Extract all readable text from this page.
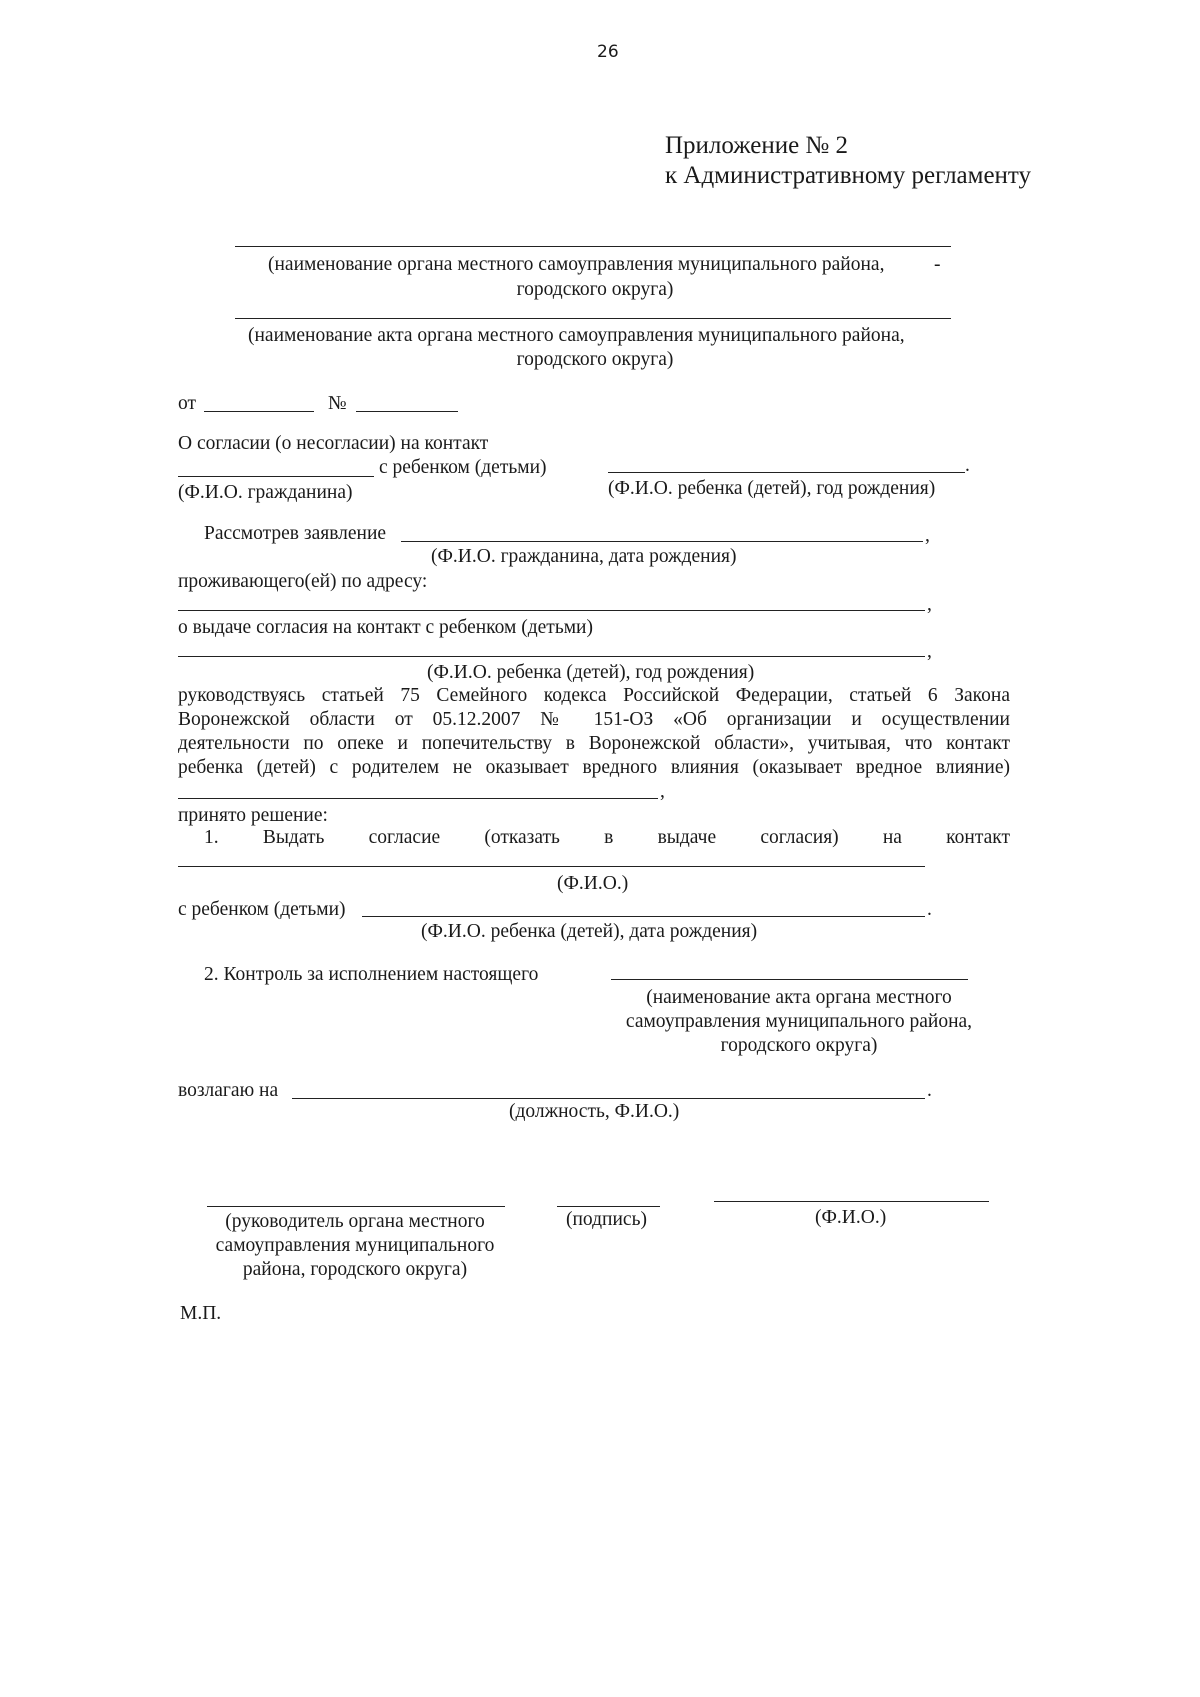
26
Приложение № 2
к Административному регламенту
(наименование органа местного самоуправления муниципального района,	-
городского округа)
(наименование акта органа местного самоуправления муниципального района,
городского округа)
от	№
О согласии (о несогласии) на контакт
с ребенком (детьми)	.
(Ф.И.О. гражданина)	(Ф.И.О. ребенка (детей), год рождения)
Рассмотрев заявление	,
(Ф.И.О. гражданина, дата рождения)
проживающего(ей) по адресу:
,
о выдаче согласия на контакт с ребенком (детьми)
,
(Ф.И.О. ребенка (детей), год рождения)
руководствуясь статьей 75 Семейного кодекса Российской Федерации, статьей 6 Закона
Воронежской области от 05.12.2007 № 151-ОЗ «Об организации и осуществлении
деятельности по опеке и попечительству в Воронежской области», учитывая, что контакт
ребенка (детей) с родителем не оказывает вредного влияния (оказывает вредное влияние)
,
принято решение:
1. Выдать согласие (отказать в выдаче согласия) на контакт
(Ф.И.О.)
с ребенком (детьми)	.
(Ф.И.О. ребенка (детей), дата рождения)
2. Контроль за исполнением настоящего
(наименование акта органа местного
самоуправления муниципального района,
городского округа)
возлагаю на	.
(должность, Ф.И.О.)
(руководитель органа местного
самоуправления муниципального
района, городского округа)
(подпись)	(Ф.И.О.)
М.П.
